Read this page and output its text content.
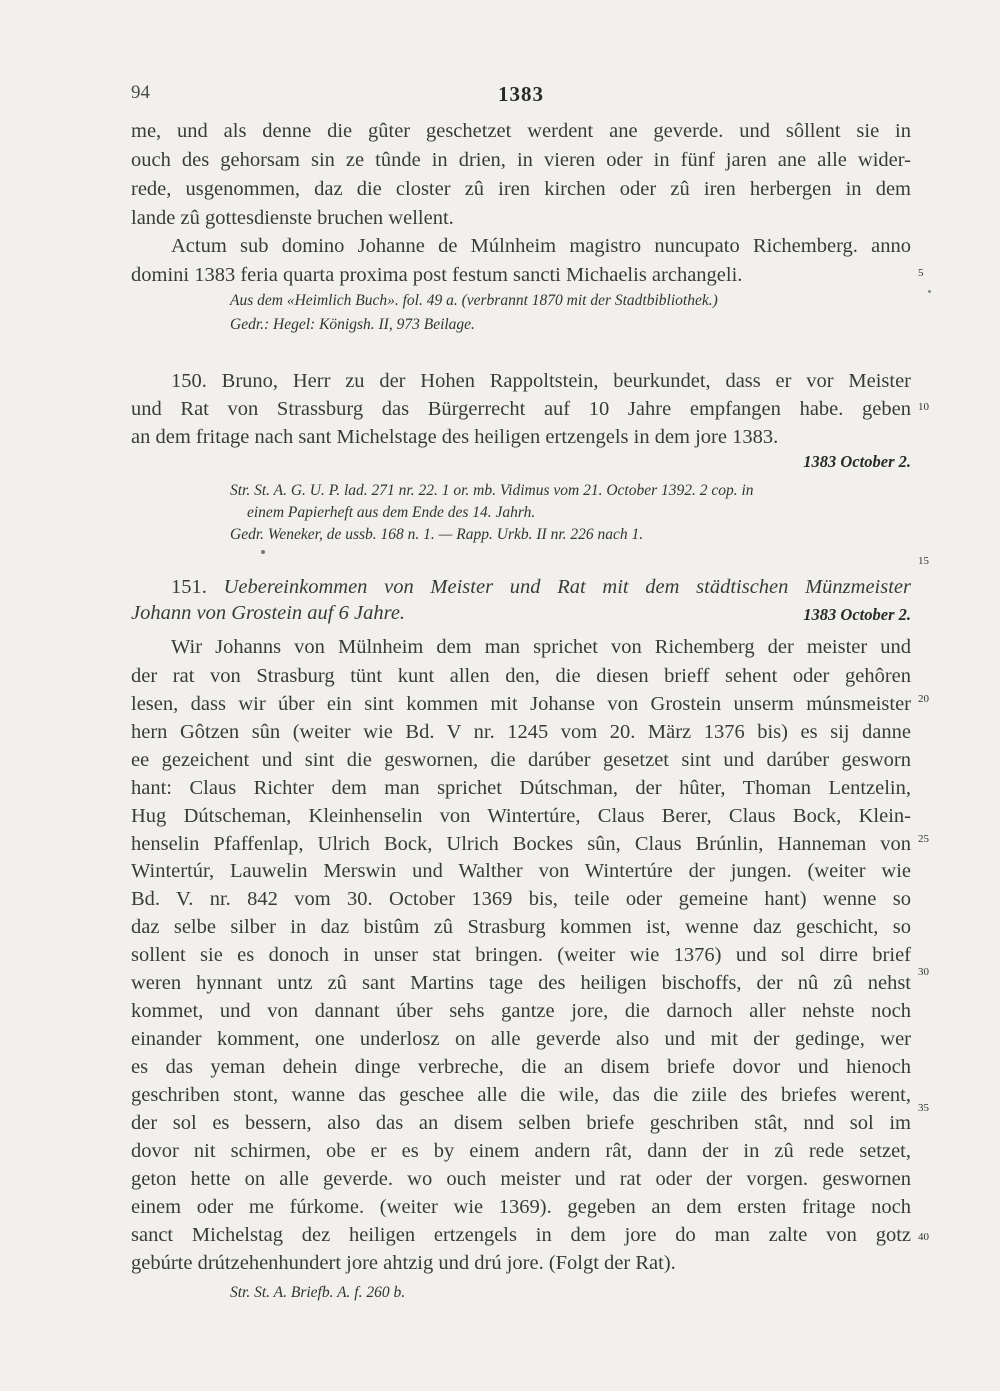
94	1383
me, und als denne die gûter geschetzet werdent ane geverde. und sôllent sie in
ouch des gehorsam sin ze tûnde in drien, in vieren oder in fünf jaren ane alle wider-
rede, usgenommen, daz die closter zû iren kirchen oder zû iren herbergen in dem
lande zû gottesdienste bruchen wellent.
Actum sub domino Johanne de Múlnheim magistro nuncupato Richemberg. anno
domini 1383 feria quarta proxima post festum sancti Michaelis archangeli.
Aus dem «Heimlich Buch». fol. 49 a. (verbrannt 1870 mit der Stadtbibliothek.)
Gedr.: Hegel: Königsh. II, 973 Beilage.
150. Bruno, Herr zu der Hohen Rappoltstein, beurkundet, dass er vor Meister
und Rat von Strassburg das Bürgerrecht auf 10 Jahre empfangen habe. geben
an dem fritage nach sant Michelstage des heiligen ertzengels in dem jore 1383.
1383 October 2.
Str. St. A. G. U. P. lad. 271 nr. 22. 1 or. mb. Vidimus vom 21. October 1392. 2 cop. in
einem Papierheft aus dem Ende des 14. Jahrh.
Gedr. Weneker, de ussb. 168 n. 1. — Rapp. Urkb. II nr. 226 nach 1.
151. Uebereinkommen von Meister und Rat mit dem städtischen Münzmeister
Johann von Grostein auf 6 Jahre.	1383 October 2.
Wir Johanns von Mülnheim dem man sprichet von Richemberg der meister und
der rat von Strasburg tünt kunt allen den, die diesen brieff sehent oder gehôren
lesen, dass wir úber ein sint kommen mit Johanse von Grostein unserm múnsmeister
hern Gôtzen sûn (weiter wie Bd. V nr. 1245 vom 20. März 1376 bis) es sij danne
ee gezeichent und sint die geswornen, die darúber gesetzet sint und darúber gesworn
hant: Claus Richter dem man sprichet Dútschman, der hûter, Thoman Lentzelin,
Hug Dútscheman, Kleinhenselin von Wintertúre, Claus Berer, Claus Bock, Klein-
henselin Pfaffenlap, Ulrich Bock, Ulrich Bockes sûn, Claus Brúnlin, Hanneman von
Wintertúr, Lauwelin Merswin und Walther von Wintertúre der jungen. (weiter wie
Bd. V. nr. 842 vom 30. October 1369 bis, teile oder gemeine hant) wenne so
daz selbe silber in daz bistûm zû Strasburg kommen ist, wenne daz geschicht, so
sollent sie es donoch in unser stat bringen. (weiter wie 1376) und sol dirre brief
weren hynnant untz zû sant Martins tage des heiligen bischoffs, der nû zû nehst
kommet, und von dannant úber sehs gantze jore, die darnoch aller nehste noch
einander komment, one underlosz on alle geverde also und mit der gedinge, wer
es das yeman dehein dinge verbreche, die an disem briefe dovor und hienoch
geschriben stont, wanne das geschee alle die wile, das die ziile des briefes werent,
der sol es bessern, also das an disem selben briefe geschriben stât, nnd sol im
dovor nit schirmen, obe er es by einem andern rât, dann der in zû rede setzet,
geton hette on alle geverde. wo ouch meister und rat oder der vorgen. geswornen
einem oder me fúrkome. (weiter wie 1369). gegeben an dem ersten fritage noch
sanct Michelstag dez heiligen ertzengels in dem jore do man zalte von gotz
gebúrte drútzehenhundert jore ahtzig und drú jore. (Folgt der Rat).
Str. St. A. Briefb. A. f. 260 b.
5
10
15
20
25
30
35
40
